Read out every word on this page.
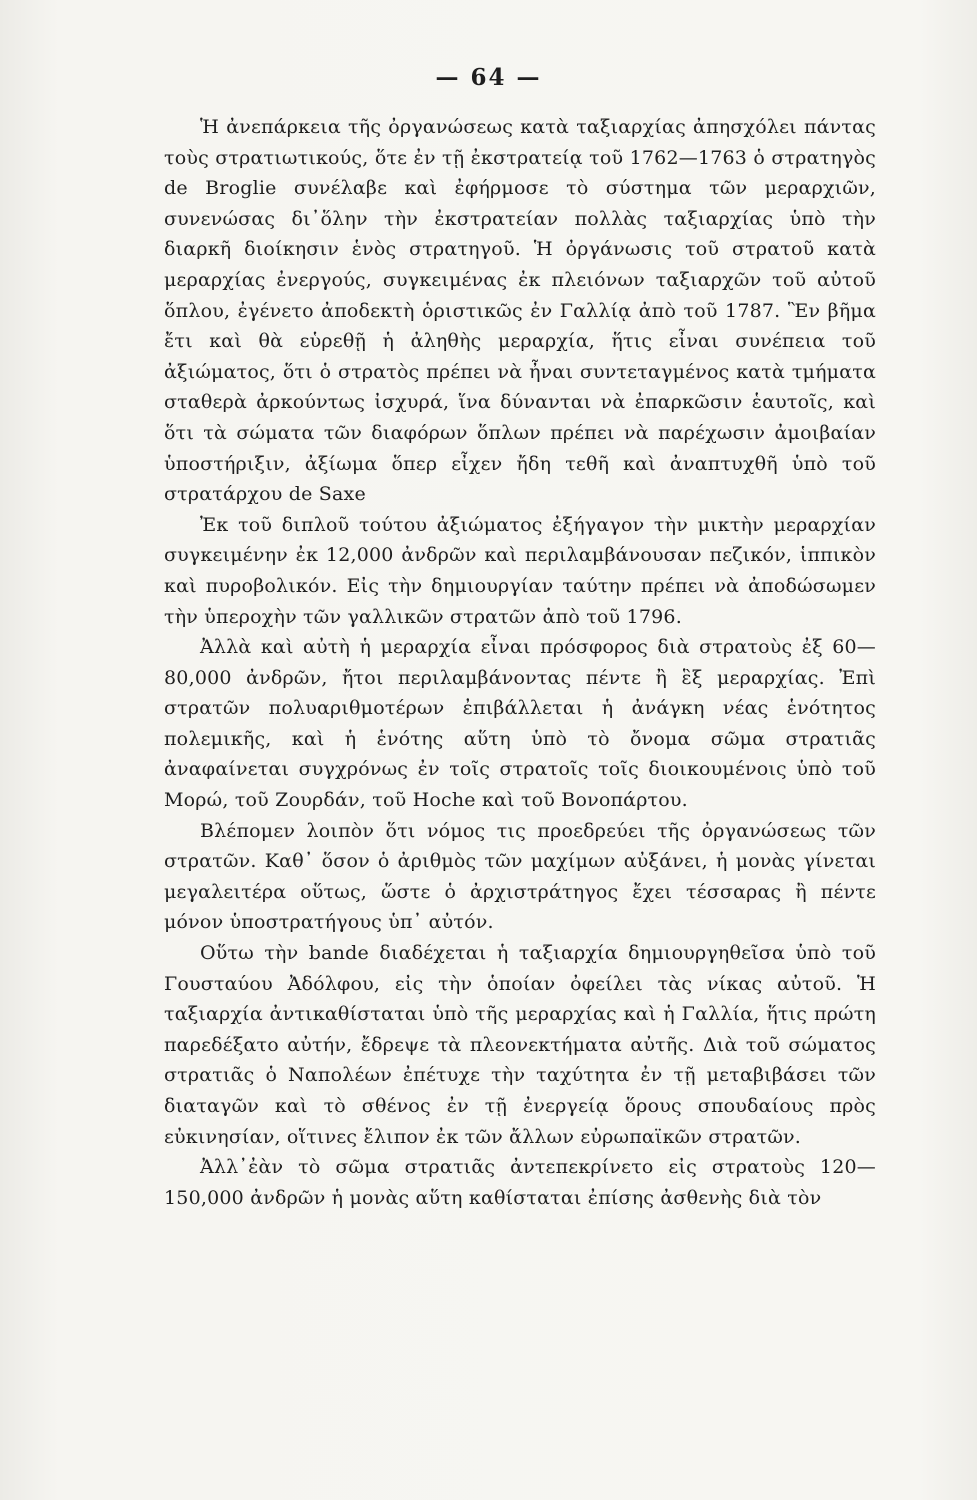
— 64 —

Ἡ ἀνεπάρκεια τῆς ὀργανώσεως κατὰ ταξιαρχίας ἀπησχόλει πάντας τοὺς στρατιωτικούς, ὅτε ἐν τῇ ἐκστρατείᾳ τοῦ 1762—1763 ὁ στρατηγὸς de Broglie συνέλαβε καὶ ἐφήρμοσε τὸ σύστημα τῶν μεραρχιῶν, συνενώσας δι᾽ὅλην τὴν ἐκστρατείαν πολλὰς ταξιαρχίας ὑπὸ τὴν διαρκῆ διοίκησιν ἑνὸς στρατηγοῦ. Ἡ ὀργάνωσις τοῦ στρατοῦ κατὰ μεραρχίας ἐνεργούς, συγκειμένας ἐκ πλειόνων ταξιαρχῶν τοῦ αὐτοῦ ὅπλου, ἐγένετο ἀποδεκτὴ ὁριστικῶς ἐν Γαλλίᾳ ἀπὸ τοῦ 1787. Ἓν βῆμα ἔτι καὶ θὰ εὑρεθῇ ἡ ἀληθὴς μεραρχία, ἥτις εἶναι συνέπεια τοῦ ἀξιώματος, ὅτι ὁ στρατὸς πρέπει νὰ ἦναι συντεταγμένος κατὰ τμήματα σταθερὰ ἀρκούντως ἰσχυρά, ἵνα δύνανται νὰ ἐπαρκῶσιν ἑαυτοῖς, καὶ ὅτι τὰ σώματα τῶν διαφόρων ὅπλων πρέπει νὰ παρέχωσιν ἀμοιβαίαν ὑποστήριξιν, ἀξίωμα ὅπερ εἶχεν ἤδη τεθῆ καὶ ἀναπτυχθῆ ὑπὸ τοῦ στρατάρχου de Saxe

Ἐκ τοῦ διπλοῦ τούτου ἀξιώματος ἐξήγαγον τὴν μικτὴν μεραρχίαν συγκειμένην ἐκ 12,000 ἀνδρῶν καὶ περιλαμβάνουσαν πεζικόν, ἱππικὸν καὶ πυροβολικόν. Εἰς τὴν δημιουργίαν ταύτην πρέπει νὰ ἀποδώσωμεν τὴν ὑπεροχὴν τῶν γαλλικῶν στρατῶν ἀπὸ τοῦ 1796.

Ἀλλὰ καὶ αὐτὴ ἡ μεραρχία εἶναι πρόσφορος διὰ στρατοὺς ἐξ 60—80,000 ἀνδρῶν, ἤτοι περιλαμβάνοντας πέντε ἢ ἓξ μεραρχίας. Ἐπὶ στρατῶν πολυαριθμοτέρων ἐπιβάλλεται ἡ ἀνάγκη νέας ἑνότητος πολεμικῆς, καὶ ἡ ἑνότης αὕτη ὑπὸ τὸ ὄνομα σῶμα στρατιᾶς ἀναφαίνεται συγχρόνως ἐν τοῖς στρατοῖς τοῖς διοικουμένοις ὑπὸ τοῦ Μορώ, τοῦ Ζουρδάν, τοῦ Hoche καὶ τοῦ Βονοπάρτου.

Βλέπομεν λοιπὸν ὅτι νόμος τις προεδρεύει τῆς ὀργανώσεως τῶν στρατῶν. Καθ᾽ ὅσον ὁ ἀριθμὸς τῶν μαχίμων αὐξάνει, ἡ μονὰς γίνεται μεγαλειτέρα οὕτως, ὥστε ὁ ἀρχιστράτηγος ἔχει τέσσαρας ἢ πέντε μόνον ὑποστρατήγους ὑπ᾽ αὐτόν.

Οὕτω τὴν bande διαδέχεται ἡ ταξιαρχία δημιουργηθεῖσα ὑπὸ τοῦ Γουσταύου Ἀδόλφου, εἰς τὴν ὁποίαν ὀφείλει τὰς νίκας αὐτοῦ. Ἡ ταξιαρχία ἀντικαθίσταται ὑπὸ τῆς μεραρχίας καὶ ἡ Γαλλία, ἥτις πρώτη παρεδέξατο αὐτήν, ἔδρεψε τὰ πλεονεκτήματα αὐτῆς. Διὰ τοῦ σώματος στρατιᾶς ὁ Ναπολέων ἐπέτυχε τὴν ταχύτητα ἐν τῇ μεταβιβάσει τῶν διαταγῶν καὶ τὸ σθένος ἐν τῇ ἐνεργείᾳ ὅρους σπουδαίους πρὸς εὐκινησίαν, οἵτινες ἔλιπον ἐκ τῶν ἄλλων εὐρωπαϊκῶν στρατῶν.

Ἀλλ᾽ἐὰν τὸ σῶμα στρατιᾶς ἀντεπεκρίνετο εἰς στρατοὺς 120—150,000 ἀνδρῶν ἡ μονὰς αὕτη καθίσταται ἐπίσης ἀσθενὴς διὰ τὸν
